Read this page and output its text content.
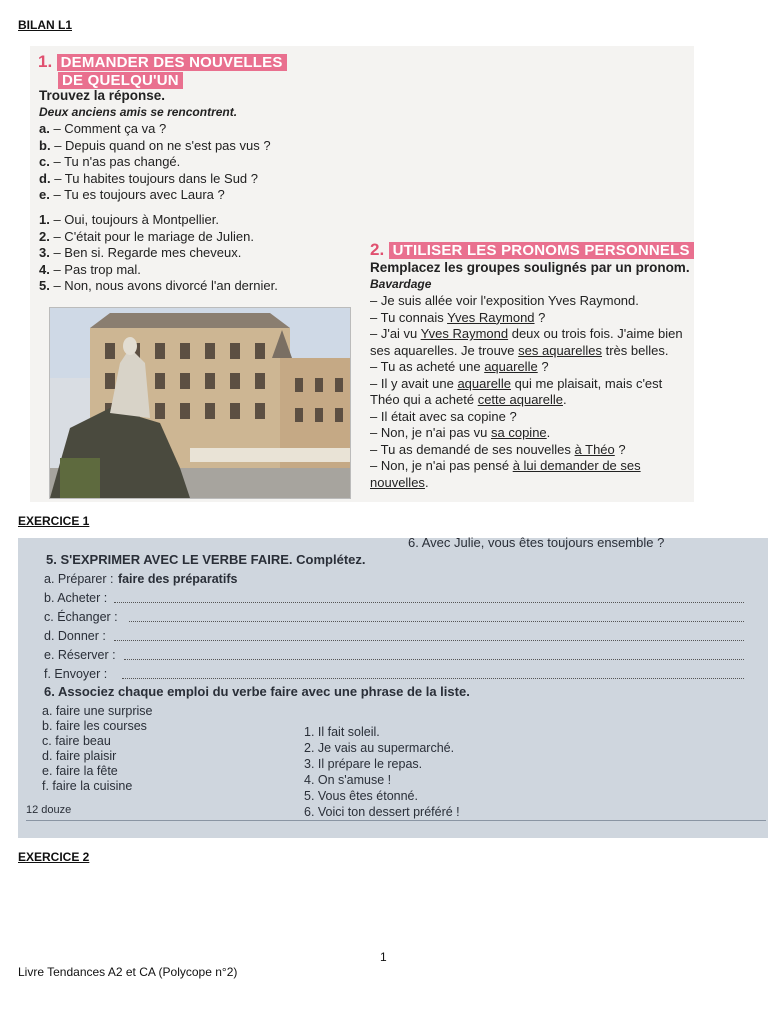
BILAN L1
1. DEMANDER DES NOUVELLES
DE QUELQU'UN
Trouvez la réponse.
Deux anciens amis se rencontrent.
a. – Comment ça va ?
b. – Depuis quand on ne s'est pas vus ?
c. – Tu n'as pas changé.
d. – Tu habites toujours dans le Sud ?
e. – Tu es toujours avec Laura ?
1. – Oui, toujours à Montpellier.
2. – C'était pour le mariage de Julien.
3. – Ben si. Regarde mes cheveux.
4. – Pas trop mal.
5. – Non, nous avons divorcé l'an dernier.
2. UTILISER LES PRONOMS PERSONNELS
Remplacez les groupes soulignés par un pronom.
Bavardage
– Je suis allée voir l'exposition Yves Raymond.
– Tu connais Yves Raymond ?
– J'ai vu Yves Raymond deux ou trois fois. J'aime bien
ses aquarelles. Je trouve ses aquarelles très belles.
– Tu as acheté une aquarelle ?
– Il y avait une aquarelle qui me plaisait, mais c'est
Théo qui a acheté cette aquarelle.
– Il était avec sa copine ?
– Non, je n'ai pas vu sa copine.
– Tu as demandé de ses nouvelles à Théo ?
– Non, je n'ai pas pensé à lui demander de ses
nouvelles.
EXERCICE 1
6. Avec Julie, vous êtes toujours ensemble ?
5. S'EXPRIMER AVEC LE VERBE FAIRE. Complétez.
a. Préparer : faire des préparatifs
b. Acheter :
c. Échanger :
d. Donner :
e. Réserver :
f. Envoyer :
6. Associez chaque emploi du verbe faire avec une phrase de la liste.
a. faire une surprise
b. faire les courses
c. faire beau
d. faire plaisir
e. faire la fête
f. faire la cuisine
1. Il fait soleil.
2. Je vais au supermarché.
3. Il prépare le repas.
4. On s'amuse !
5. Vous êtes étonné.
6. Voici ton dessert préféré !
12 douze
EXERCICE 2
1
Livre Tendances A2 et CA (Polycope n°2)
